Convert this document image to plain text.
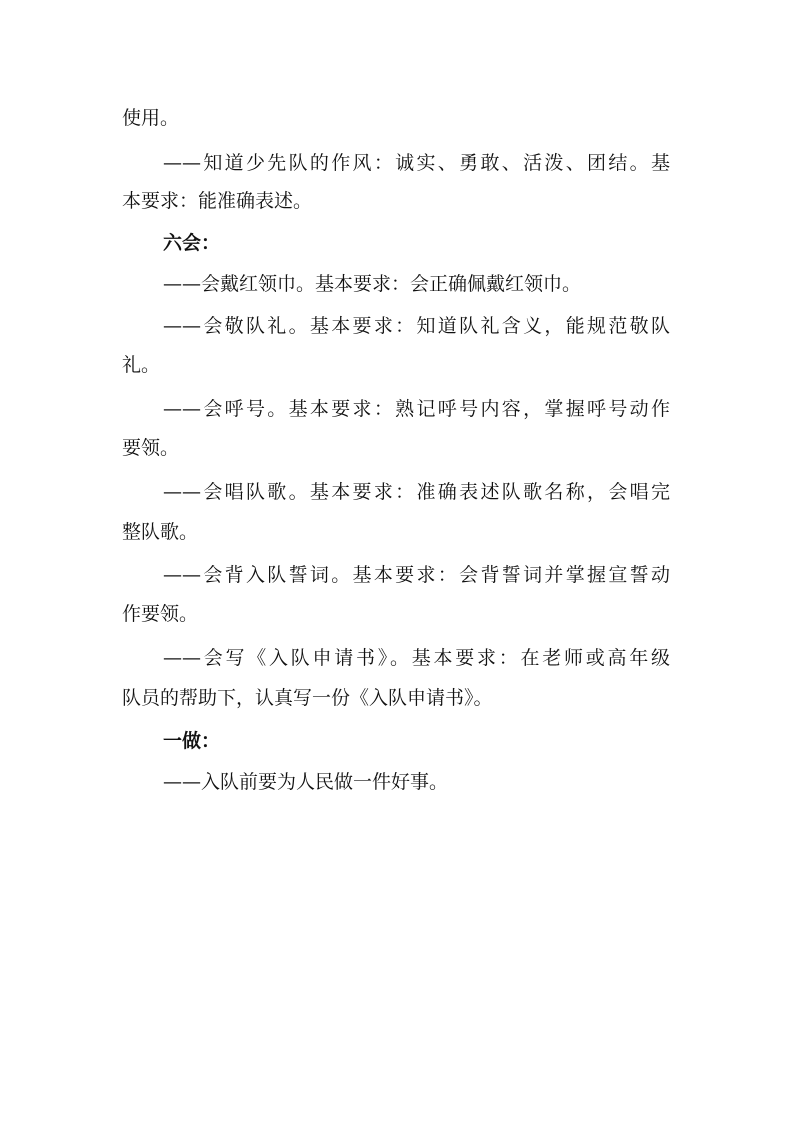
使用。
——知道少先队的作风：诚实、勇敢、活泼、团结。基
本要求：能准确表述。
六会：
——会戴红领巾。基本要求：会正确佩戴红领巾。
——会敬队礼。基本要求：知道队礼含义，能规范敬队
礼。
——会呼号。基本要求：熟记呼号内容，掌握呼号动作
要领。
——会唱队歌。基本要求：准确表述队歌名称，会唱完
整队歌。
——会背入队誓词。基本要求：会背誓词并掌握宣誓动
作要领。
——会写《入队申请书》。基本要求：在老师或高年级
队员的帮助下，认真写一份《入队申请书》。
一做：
——入队前要为人民做一件好事。
